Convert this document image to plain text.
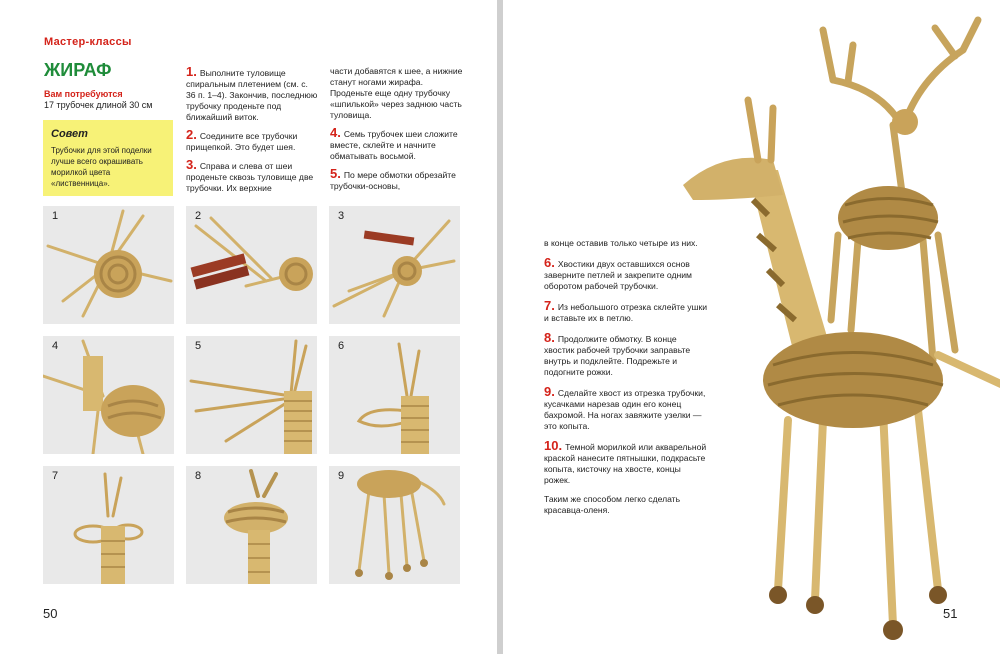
Мастер-классы
ЖИРАФ
Вам потребуются
17 трубочек длиной 30 см
Совет
Трубочки для этой поделки лучше всего окрашивать морилкой цвета «лиственница».
1. Выполните туловище спиральным плетением (см. с. 36 п. 1–4). Закончив, последнюю трубочку проденьте под ближайший виток.
2. Соедините все трубочки прищепкой. Это будет шея.
3. Справа и слева от шеи проденьте сквозь туловище две трубочки. Их верхние
части добавятся к шее, а нижние станут ногами жирафа. Проденьте еще одну трубочку «шпилькой» через заднюю часть туловища.
4. Семь трубочек шеи сложите вместе, склейте и начните обматывать восьмой.
5. По мере обмотки обрезайте трубочки-основы,
1	2	3
4	5	6
7	8	9
50
в конце оставив только четыре из них.
6. Хвостики двух оставшихся основ заверните петлей и закрепите одним оборотом рабочей трубочки.
7. Из небольшого отрезка склейте ушки и вставьте их в петлю.
8. Продолжите обмотку. В конце хвостик рабочей трубочки заправьте внутрь и подклейте. Подрежьте и подогните рожки.
9. Сделайте хвост из отрезка трубочки, кусачками нарезав один его конец бахромой. На ногах завяжите узелки — это копыта.
10. Темной морилкой или акварельной краской нанесите пятнышки, подкрасьте копыта, кисточку на хвосте, концы рожек.
Таким же способом легко сделать красавца-оленя.
51
